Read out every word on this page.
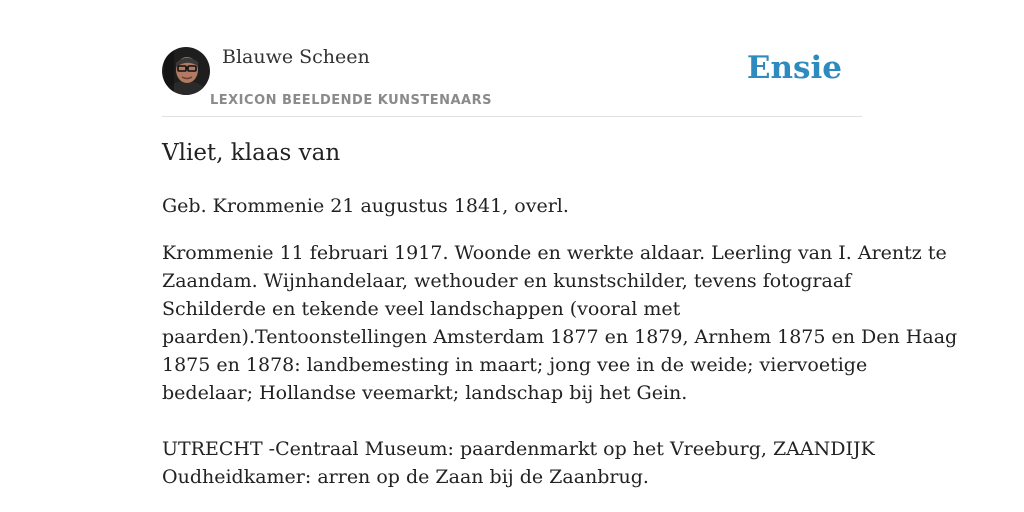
Blauwe Scheen
LEXICON BEELDENDE KUNSTENAARS
Ensie
Vliet, klaas van

Geb. Krommenie 21 augustus 1841, overl.

Krommenie 11 februari 1917. Woonde en werkte aldaar. Leerling van I. Arentz te
Zaandam. Wijnhandelaar, wethouder en kunstschilder, tevens fotograaf
Schilderde en tekende veel landschappen (vooral met
paarden).Tentoonstellingen Amsterdam 1877 en 1879, Arnhem 1875 en Den Haag
1875 en 1878: landbemesting in maart; jong vee in de weide; viervoetige
bedelaar; Hollandse veemarkt; landschap bij het Gein.
UTRECHT -Centraal Museum: paardenmarkt op het Vreeburg, ZAANDIJK
Oudheidkamer: arren op de Zaan bij de Zaanbrug.
